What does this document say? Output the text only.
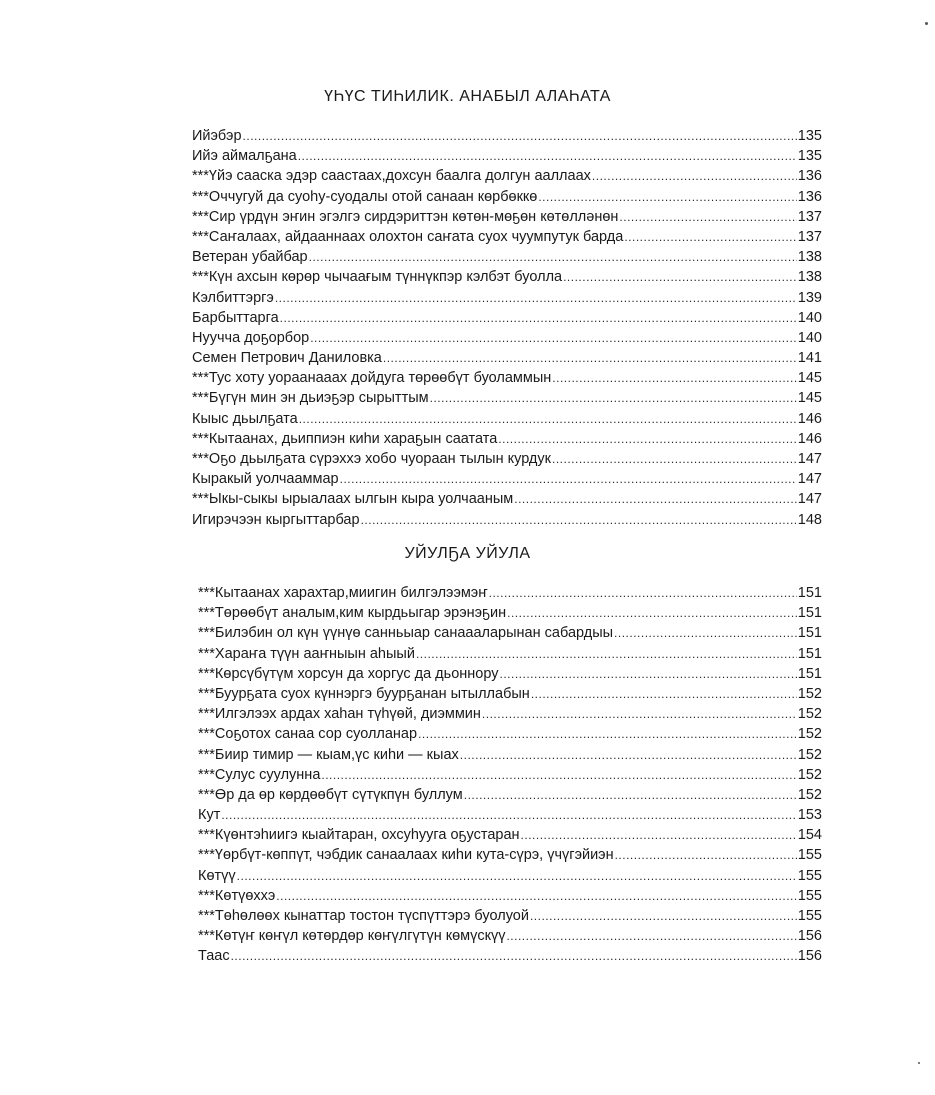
ҮҺҮС ТИҺИЛИК. АНАБЫЛ АЛАҺАТА
Ийэбэр .....	135
Ийэ аймалҕана .....	135
***Үйэ сааска эдэр саастаах,дохсун баалга долгун ааллаах .....	136
***Оччугуй да суоһу-суодалы отой санаан көрбөккө .....	136
***Сир үрдүн эҥин эгэлгэ сирдэриттэн көтөн-мөҕөн көтөлләнөн .....	137
***Саҥалаах, айдааннаах олохтон саҥата суох чуумпутук барда .....	137
Ветеран убайбар .....	138
***Күн ахсын көрөр чычаағым түннүкпэр кэлбэт буолла .....	138
Кэлбиттэргэ .....	139
Барбыттарга .....	140
Нуучча доҕорбор .....	140
Семен Петрович Даниловка .....	141
***Тус хоту уораанааах дойдуга төрөөбүт буоламмын .....	145
***Бүгүн мин эн дьиэҕэр сырыттым .....	145
Кыыс дьылҕата .....	146
***Кытаанах, дьиппиэн киһи харaҕын саатата .....	146
***Оҕо дьылҕата сүрэхxэ хобо чуораан тылын курдук .....	147
Кыракый уолчааммар .....	147
***Ыкы-сыкы ырыалаах ылгын кыра уолчааным .....	147
Игирэчээн кыргыттарбар .....	148
УЙУЛҔА УЙУЛА
***Кытаанах харахтар,миигин билгэлээмэҥ .....	151
***Төрөөбүт аналым,ким кырдьыгар эрэнэҕин .....	151
***Билэбин ол күн үүнүө санньыар санаааларынан сабардыы .....	151
***Хараҥа түүн ааҥныын аһыый .....	151
***Көрсүбүтүм хорсун да хоргус да дьоннору .....	151
***Буурҕата суох күннэргэ буурҕанан ытыллабын .....	152
***Илгэлээх ардах хаһан түһүөй, диэммин .....	152
***Соҕотох санаа сор суолланар .....	152
***Биир тимир — кыам,үс киһи — кыах .....	152
***Сулус суулунна .....	152
***Өр да өр көрдөөбүт сүтүкпүн буллум .....	152
Кут .....	153
***Күөнтэһиигэ кыайтаран, охсуһууга оҕустаран .....	154
***Үөрбүт-көппүт, чэбдик санаалаах киһи кута-сүрэ, үчүгэйиэн .....	155
Көтүү .....	155
***Көтүөххэ .....	155
***Төһөлөөх кынаттар тостон түспүттэрэ буолуой .....	155
***Көтүҥ көҥүл көтөрдөр көҥүлгүтүн көмүскүү .....	156
Таас .....	156
